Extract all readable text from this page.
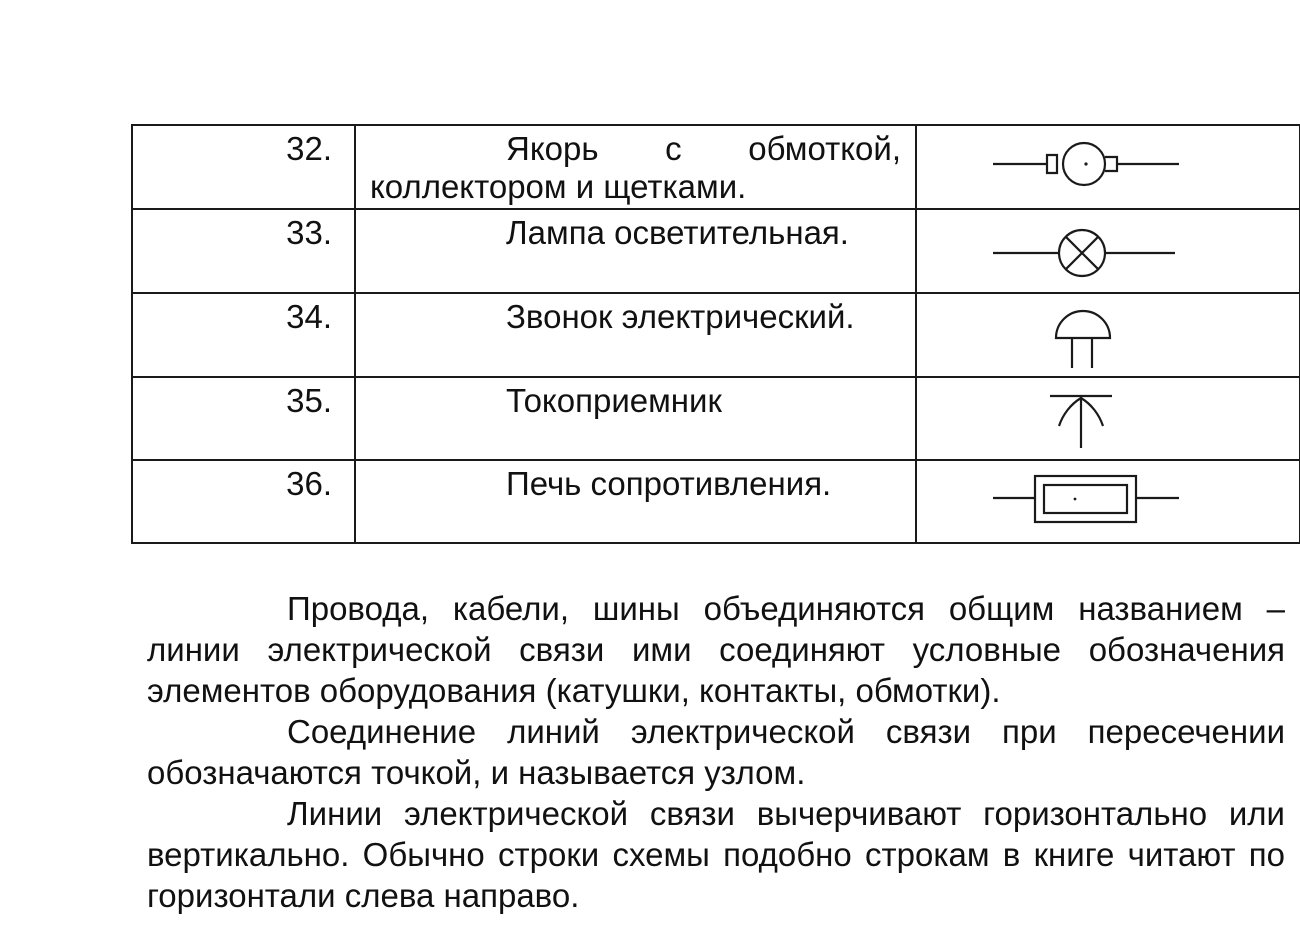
32.	Якорь с обмоткой,
коллектором и щетками.

33.	Лампа осветительная.

34.	Звонок электрический.

35.	Токоприемник

36.	Печь сопротивления.

Провода, кабели, шины объединяются общим названием – линии электрической связи ими соединяют условные обозначения элементов оборудования (катушки, контакты, обмотки).

Соединение линий электрической связи при пересечении обозначаются точкой, и называется узлом.

Линии электрической связи вычерчивают горизонтально или вертикально. Обычно строки схемы подобно строкам в книге читают по горизонтали слева направо.
